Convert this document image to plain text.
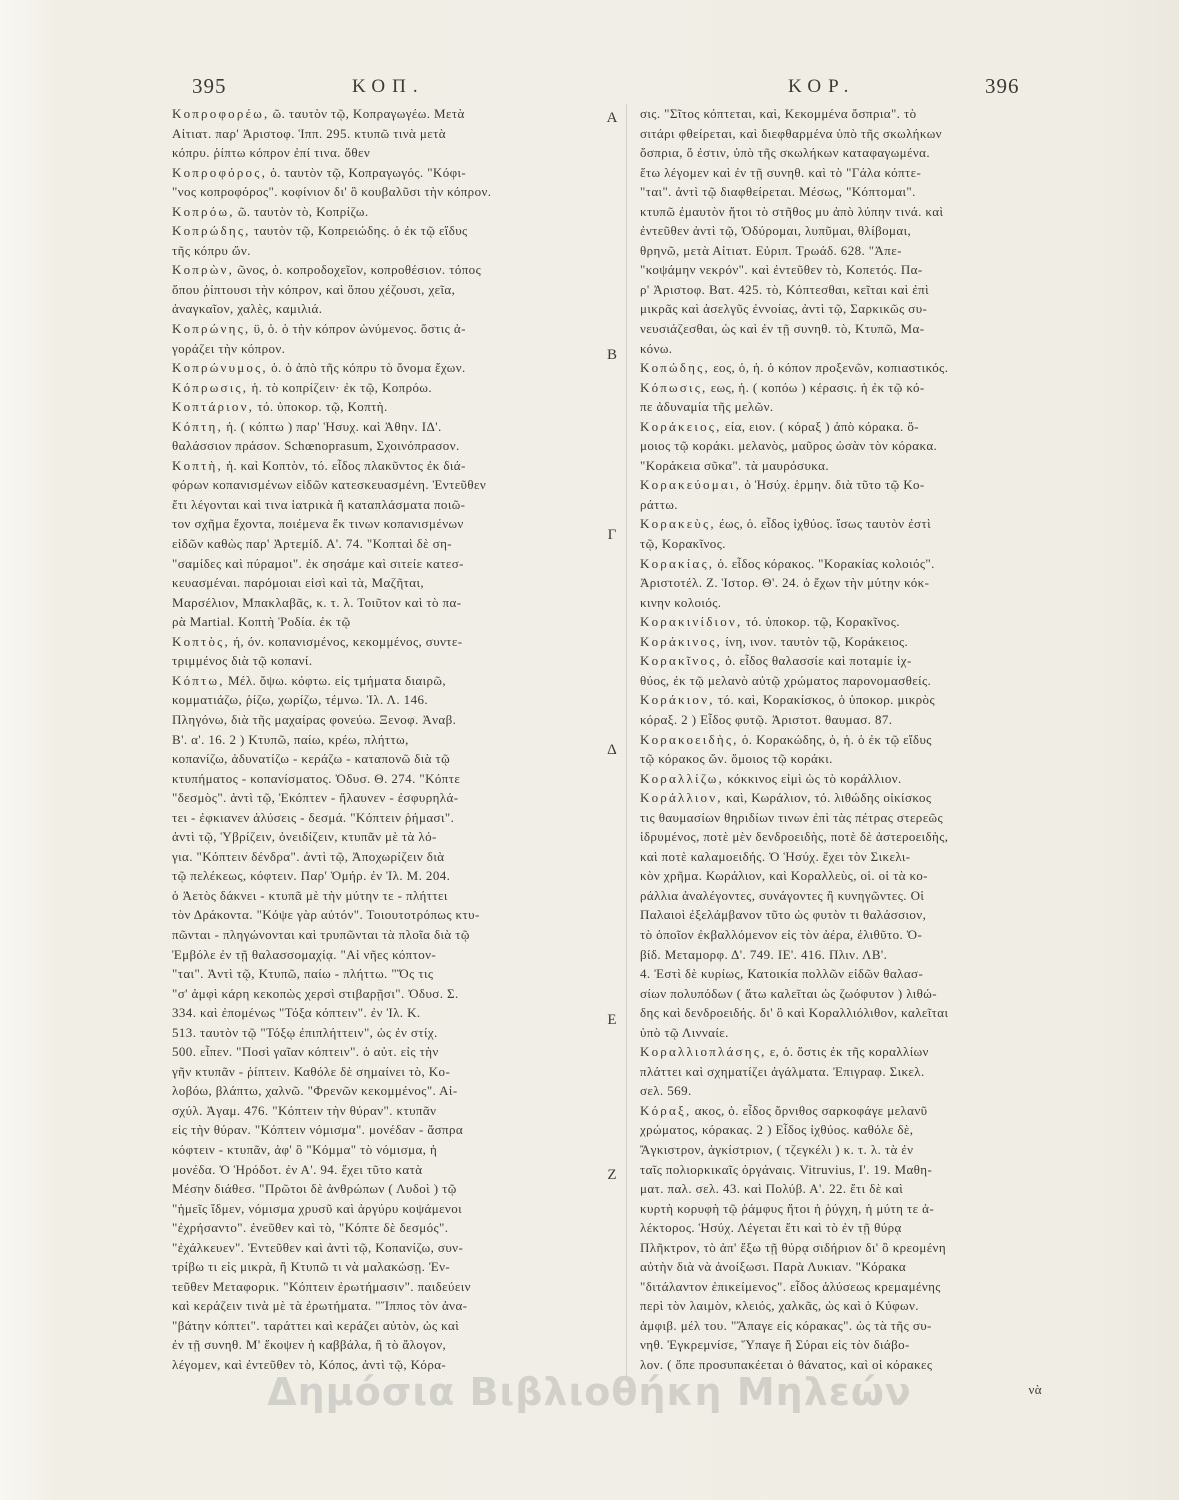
395	ΚΟΠ.	ΚΟΡ.	396
Κοπροφορέω, ῶ. ταυτὸν τῷ, Κοπραγωγέω. Μετὰ
Αἰτιατ. παρ' Ἀριστοφ. Ἱππ. 295. κτυπῶ τινὰ μετὰ
κόπρυ. ῥίπτω κόπρον ἐπί τινα. ὅθεν
Κοπροφόρος, ὁ. ταυτὸν τῷ, Κοπραγωγός. "Κόφι-
"νος κοπροφόρος". κοφίνιον δι' ὃ κουβαλῦσι τὴν κόπρον.
Κοπρόω, ῶ. ταυτὸν τὸ, Κοπρίζω.
Κοπρώδης, ταυτὸν τῷ, Κοπρειώδης. ὁ ἐκ τῷ εἴδυς
τῆς κόπρυ ὤν.
Κοπρὼν, ῶνος, ὁ. κοπροδοχεῖον, κοπροθέσιον. τόπος
ὅπου ῥίπτουσι τὴν κόπρον, καὶ ὅπου χέζουσι, χεῖα,
ἀναγκαῖον, χαλὲς, καμιλιά.
Κοπρώνης, ϋ, ὁ. ὁ τὴν κόπρον ὠνύμενος. ὅστις ἀ-
γοράζει τὴν κόπρον.
Κοπρώνυμος, ὁ. ὁ ἀπὸ τῆς κόπρυ τὸ ὄνομα ἔχων.
Κόπρωσις, ἡ. τὸ κοπρίζειν· ἐκ τῷ, Κοπρόω.
Κοπτάριον, τό. ὑποκορ. τῷ, Κοπτὴ.
Κόπτη, ἡ. ( κόπτω ) παρ' Ἡσυχ. καὶ Ἀθην. ΙΔ'.
θαλάσσιον πράσον. Schœnoprasum, Σχοινόπρασον.
Κοπτὴ, ἡ. καὶ Κοπτὸν, τό. εἶδος πλακῦντος ἐκ διά-
φόρων κοπανισμένων εἰδῶν κατεσκευασμένη. Ἐντεῦθεν
ἔτι λέγονται καὶ τινα ἰατρικὰ ἢ καταπλάσματα ποιῶ-
τον σχῆμα ἔχοντα, ποιέμενα ἔκ τινων κοπανισμένων
εἰδῶν καθὼς παρ' Ἀρτεμίδ. Α'. 74. "Κοπταὶ δὲ ση-
"σαμίδες καὶ πύραμοι". ἐκ σησάμε καὶ σιτείε κατεσ-
κευασμέναι. παρόμοιαι εἰσὶ καὶ τὰ, Μαζῆται,
Μαρσέλιον, Μπακλαβᾶς, κ. τ. λ. Τοιῦτον καὶ τὸ πα-
ρὰ Martial. Κοπτὴ Ῥοδία. ἐκ τῷ
Κοπτὸς, ή, όν. κοπανισμένος, κεκομμένος, συντε-
τριμμένος διὰ τῷ κοπανί.
Κόπτω, Μέλ. ὄψω. κόφτω. εἰς τμήματα διαιρῶ,
κομματιάζω, ῥίζω, χωρίζω, τέμνω. Ἰλ. Λ. 146.
Πληγόνω, διὰ τῆς μαχαίρας φονεύω. Ξενοφ. Ἀναβ.
Β'. α'. 16. 2 ) Κτυπῶ, παίω, κρέω, πλήττω,
κοπανίζω, ἀδυνατίζω - κεράζω - καταπονῶ διὰ τῷ
κτυπήματος - κοπανίσματος. Ὀδυσ. Θ. 274. "Κόπτε
"δεσμὸς". ἀντὶ τῷ, Ἐκόπτεν - ἤλαυνεν - ἐσφυρηλά-
τει - ἐφκιανεν ἀλύσεις - δεσμά. "Κόπτειν ῥήμασι".
ἀντὶ τῷ, Ὑβρίζειν, ὀνειδίζειν, κτυπᾶν μὲ τὰ λό-
για. "Κόπτειν δένδρα". ἀντὶ τῷ, Ἀποχωρίζειν διὰ
τῷ πελέκεως, κόφτειν. Παρ' Ὁμήρ. ἐν Ἰλ. Μ. 204.
ὁ Ἀετὸς δάκνει - κτυπᾶ μὲ τὴν μύτην τε - πλήττει
τὸν Δράκοντα. "Κόψε γὰρ αὐτόν". Τοιουτοτρόπως κτυ-
πῶνται - πληγώνονται καὶ τρυπῶνται τὰ πλοῖα διὰ τῷ
Ἐμβόλε ἐν τῇ θαλασσομαχίᾳ. "Αἱ νῆες κόπτον-
"ται". Ἀντὶ τῷ, Κτυπῶ, παίω - πλήττω. "Ὅς τις
"σ' ἀμφὶ κάρη κεκοπὼς χερσὶ στιβαρῇσι". Ὀδυσ. Σ.
334. καὶ ἐπομένως "Τόξα κόπτειν". ἐν Ἰλ. Κ.
513. ταυτὸν τῷ "Τόξῳ ἐπιπλήττειν", ὡς ἐν στίχ.
500. εἶπεν. "Ποσὶ γαῖαν κόπτειν". ὁ αὐτ. εἰς τὴν
γῆν κτυπᾶν - ῥίπτειν. Καθόλε δὲ σημαίνει τὸ, Κο-
λοβόω, βλάπτω, χαλνῶ. "Φρενῶν κεκομμένος". Αἰ-
σχύλ. Ἀγαμ. 476. "Κόπτειν τὴν θύραν". κτυπᾶν
εἰς τὴν θύραν. "Κόπτειν νόμισμα". μονέδαν - ἄσπρα
κόφτειν - κτυπᾶν, ἀφ' ὃ "Κόμμα" τὸ νόμισμα, ἡ
μονέδα. Ὁ Ἡρόδοτ. ἐν Α'. 94. ἔχει τῦτο κατὰ
Μέσην διάθεσ. "Πρῶτοι δὲ ἀνθρώπων ( Λυδοὶ ) τῷ
"ἡμεῖς ἴδμεν, νόμισμα χρυσῦ καὶ ἀργύρυ κοψάμενοι
"ἐχρήσαντο". ἐνεῦθεν καὶ τὸ, "Κόπτε δὲ δεσμός".
"ἐχάλκευεν". Ἐντεῦθεν καὶ ἀντὶ τῷ, Κοπανίζω, συν-
τρίβω τι εἰς μικρὰ, ἢ Κτυπῶ τι νὰ μαλακώσῃ. Ἐν-
τεῦθεν Μεταφορικ. "Κόπτειν ἐρωτήμασιν". παιδεύειν
καὶ κεράζειν τινὰ μὲ τὰ ἐρωτήματα. "Ἵππος τὸν ἀνα-
"βάτην κόπτει". ταράττει καὶ κεράζει αὐτὸν, ὡς καὶ
ἐν τῇ συνηθ. Μ' ἔκοψεν ἡ καββάλα, ἢ τὸ ἄλογον,
λέγομεν, καὶ ἐντεῦθεν τὸ, Κόπος, ἀντὶ τῷ, Κόρα-
Α
Β
Γ
Δ
Ε
Ζ
σις. "Σῖτος κόπτεται, καὶ, Κεκομμένα ὄσπρια". τὸ
σιτάρι φθείρεται, καὶ διεφθαρμένα ὑπὸ τῆς σκωλήκων
ὄσπρια, ὅ ἐστιν, ὑπὸ τῆς σκωλήκων καταφαγωμένα.
ἕτω λέγομεν καὶ ἐν τῇ συνηθ. καὶ τὸ "Γάλα κόπτε-
"ται". ἀντὶ τῷ διαφθείρεται. Μέσως, "Κόπτομαι".
κτυπῶ ἐμαυτὸν ἤτοι τὸ στῆθος μυ ἀπὸ λύπην τινά. καὶ
ἐντεῦθεν ἀντὶ τῷ, Ὀδύρομαι, λυπῦμαι, θλίβομαι,
θρηνῶ, μετὰ Αἰτιατ. Εὐριπ. Τρωάδ. 628. "Ἀπε-
"κοψάμην νεκρόν". καὶ ἐντεῦθεν τὸ, Κοπετός. Πα-
ρ' Ἀριστοφ. Βατ. 425. τὸ, Κόπτεσθαι, κεῖται καὶ ἐπὶ
μικρᾶς καὶ ἀσελγῦς ἐννοίας, ἀντὶ τῷ, Σαρκικῶς συ-
νευσιάζεσθαι, ὡς καὶ ἐν τῇ συνηθ. τὸ, Κτυπῶ, Μα-
κόνω.
Κοπώδης, εος, ὁ, ἡ. ὁ κόπον προξενῶν, κοπιαστικός.
Κόπωσις, εως, ἡ. ( κοπόω ) κέρασις. ἡ ἐκ τῷ κό-
πε ἀδυναμία τῆς μελῶν.
Κοράκειος, εία, ειον. ( κόραξ ) ἀπὸ κόρακα. ὅ-
μοιος τῷ κοράκι. μελανὸς, μαῦρος ὡσὰν τὸν κόρακα.
"Κοράκεια σῦκα". τὰ μαυρόσυκα.
Κορακεύομαι, ὁ Ἡσύχ. ἑρμην. διὰ τῦτο τῷ Κο-
ράττω.
Κορακεὺς, έως, ὁ. εἶδος ἰχθύος. ἴσως ταυτὸν ἐστὶ
τῷ, Κορακῖνος.
Κορακίας, ὁ. εἶδος κόρακος. "Κορακίας κολοιός".
Ἀριστοτέλ. Ζ. Ἱστορ. Θ'. 24. ὁ ἔχων τὴν μύτην κόκ-
κινην κολοιός.
Κορακινίδιον, τό. ὑποκορ. τῷ, Κορακῖνος.
Κοράκινος, ίνη, ινον. ταυτὸν τῷ, Κοράκειος.
Κορακῖνος, ὁ. εἶδος θαλασσίε καὶ ποταμίε ἰχ-
θύος, ἐκ τῷ μελανὸ αὐτῷ χρώματος παρονομασθείς.
Κοράκιον, τό. καὶ, Κορακίσκος, ὁ ὑποκορ. μικρὸς
κόραξ. 2 ) Εἶδος φυτῷ. Ἀριστοτ. θαυμασ. 87.
Κορακοειδὴς, ὁ. Κορακώδης, ὁ, ἡ. ὁ ἐκ τῷ εἴδυς
τῷ κόρακος ὤν. ὅμοιος τῷ κοράκι.
Κοραλλίζω, κόκκινος εἰμὶ ὡς τὸ κοράλλιον.
Κοράλλιον, καὶ, Κωράλιον, τό. λιθώδης οἰκίσκος
τις θαυμασίων θηριδίων τινων ἐπὶ τὰς πέτρας στερεῶς
ἱδρυμένος, ποτὲ μὲν δενδροειδὴς, ποτὲ δὲ ἀστεροειδὴς,
καὶ ποτὲ καλαμοειδής. Ὁ Ἡσύχ. ἔχει τὸν Σικελι-
κὸν χρῆμα. Κωράλιον, καὶ Κοραλλεὺς, οἱ. οἱ τὰ κο-
ράλλια ἀναλέγοντες, συνάγοντες ἢ κυνηγῶντες. Οἱ
Παλαιοὶ ἐξελάμβανον τῦτο ὡς φυτὸν τι θαλάσσιον,
τὸ ὁποῖον ἐκβαλλόμενον εἰς τὸν ἀέρα, ἐλιθῦτο. Ὀ-
βίδ. Μεταμορφ. Δ'. 749. ΙΕ'. 416. Πλιν. ΛΒ'.
4. Ἐστὶ δὲ κυρίως, Κατοικία πολλῶν εἰδῶν θαλασ-
σίων πολυπόδων ( ἅτω καλεῖται ὡς ζωόφυτον ) λιθώ-
δης καὶ δενδροειδής. δι' ὃ καὶ Κοραλλιόλιθον, καλεῖται
ὑπὸ τῷ Λινναίε.
Κοραλλιοπλάσης, ε, ὁ. ὅστις ἐκ τῆς κοραλλίων
πλάττει καὶ σχηματίζει ἀγάλματα. Ἐπιγραφ. Σικελ.
σελ. 569.
Κόραξ, ακος, ὁ. εἶδος ὄρνιθος σαρκοφάγε μελανῦ
χρώματος, κόρακας. 2 ) Εἶδος ἰχθύος. καθόλε δὲ,
Ἄγκιστρον, ἀγκίστριον, ( τζεγκέλι ) κ. τ. λ. τὰ ἐν
ταῖς πολιορκικαῖς ὀργάναις. Vitruvius, Ι'. 19. Μαθη-
ματ. παλ. σελ. 43. καὶ Πολύβ. Α'. 22. ἔτι δὲ καὶ
κυρτὴ κορυφὴ τῷ ῥάμφυς ἤτοι ἡ ῥύγχη, ἡ μύτη τε ἀ-
λέκτορος. Ἡσύχ. Λέγεται ἔτι καὶ τὸ ἐν τῇ θύρᾳ
Πλῆκτρον, τὸ ἀπ' ἔξω τῇ θύρᾳ σιδήριον δι' ὃ κρεομένη
αὐτὴν διὰ νὰ ἀνοίξωσι. Παρὰ Λυκιαν. "Κόρακα
"διτάλαντον ἐπικείμενος". εἶδος ἁλύσεως κρεμαμένης
περὶ τὸν λαιμὸν, κλειός, χαλκᾶς, ὡς καὶ ὁ Κύφων.
ἀμφιβ. μέλ του. "Ἄπαγε εἰς κόρακας". ὡς τὰ τῆς συ-
νηθ. Ἐγκρεμνίσε, Ὕπαγε ἢ Σύραι εἰς τὸν διάβο-
λον. ( ὅπε προσυπακέεται ὁ θάνατος, καὶ οἱ κόρακες
νὰ
Δημόσια Βιβλιοθήκη Μηλεών
